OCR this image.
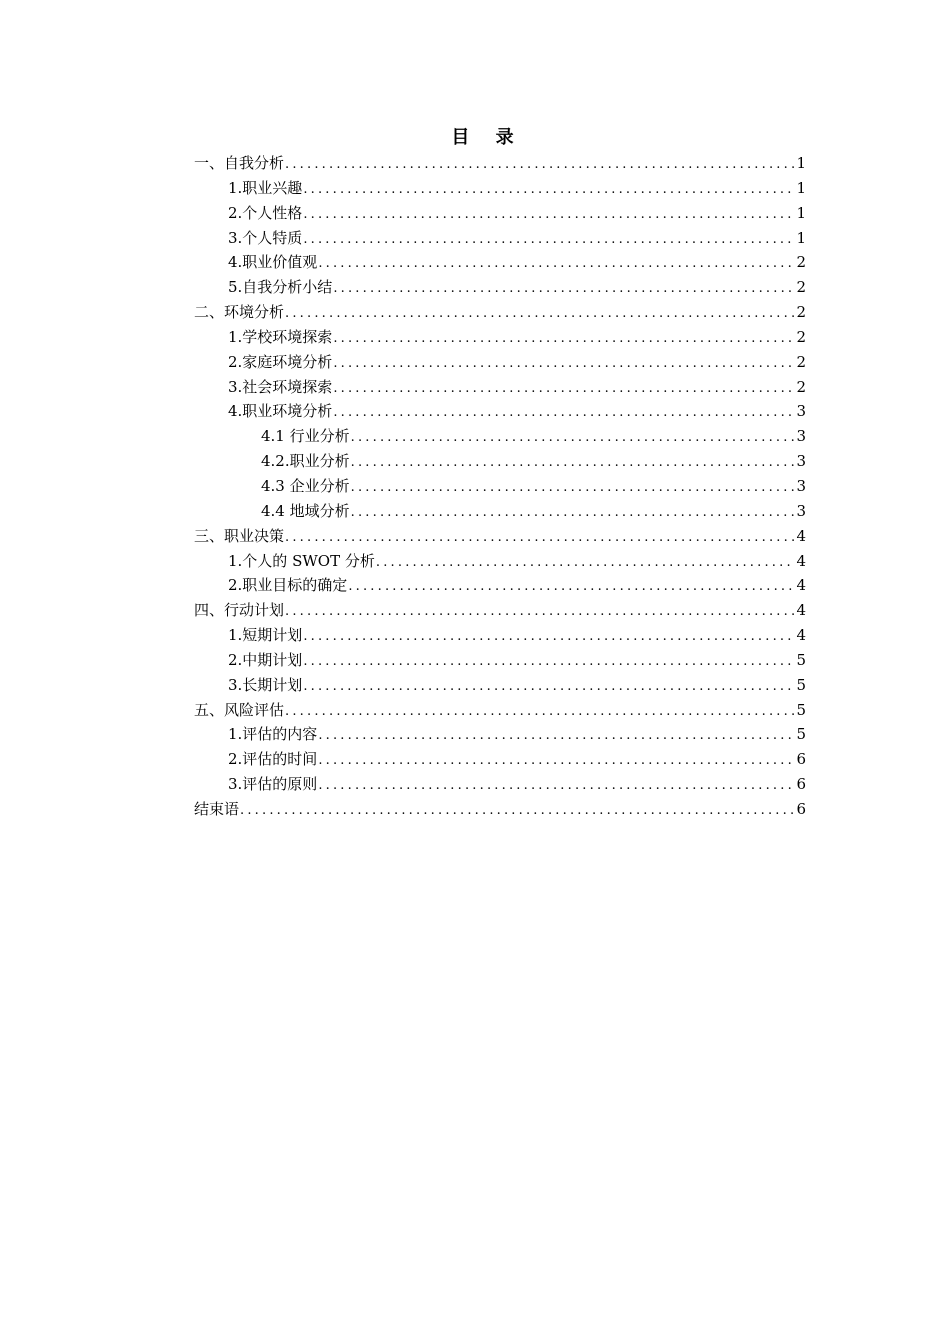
目 录
一、自我分析 .....	1
1.职业兴趣 .....	1
2.个人性格 .....	1
3.个人特质 .....	1
4.职业价值观 .....	2
5.自我分析小结 .....	2
二、环境分析 .....	2
1.学校环境探索 .....	2
2.家庭环境分析 .....	2
3.社会环境探索 .....	2
4.职业环境分析 .....	3
4.1 行业分析 .....	3
4.2.职业分析 .....	3
4.3 企业分析 .....	3
4.4 地域分析 .....	3
三、职业决策 .....	4
1.个人的 SWOT 分析 .....	4
2.职业目标的确定 .....	4
四、行动计划 .....	4
1.短期计划 .....	4
2.中期计划 .....	5
3.长期计划 .....	5
五、风险评估 .....	5
1.评估的内容 .....	5
2.评估的时间 .....	6
3.评估的原则 .....	6
结束语 .....	6
